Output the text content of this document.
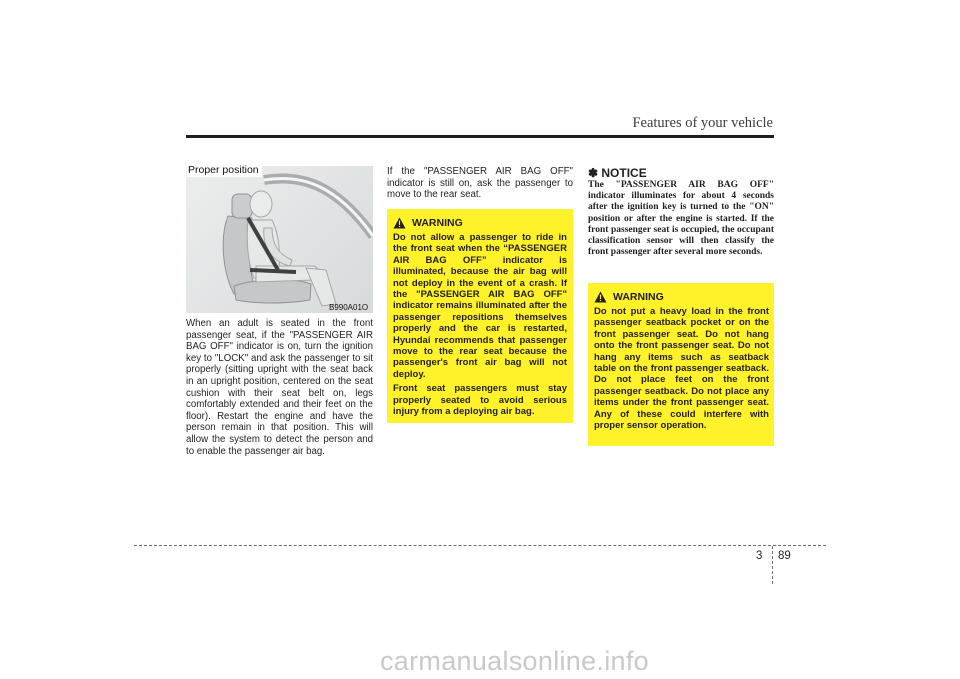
Features of your vehicle
Proper position
B990A01O
When an adult is seated in the front passenger seat, if the "PASSENGER AIR BAG OFF" indicator is on, turn the ignition key to "LOCK" and ask the passenger to sit properly (sitting upright with the seat back in an upright position, centered on the seat cushion with their seat belt on, legs comfortably extended and their feet on the floor). Restart the engine and have the person remain in that position. This will allow the system to detect the person and to enable the passenger air bag.
If the "PASSENGER AIR BAG OFF" indicator is still on, ask the passenger to move to the rear seat.
WARNING

Do not allow a passenger to ride in the front seat when the “PASSENGER AIR BAG OFF” indicator is illuminated, because the air bag will not deploy in the event of a crash. If the "PASSENGER AIR BAG OFF" indicator remains illuminated after the passenger repositions themselves properly and the car is restarted, Hyundai recommends that passenger move to the rear seat because the passenger's front air bag will not deploy.

Front seat passengers must stay properly seated to avoid serious injury from a deploying air bag.

✽ NOTICE
The "PASSENGER AIR BAG OFF" indicator illuminates for about 4 seconds after the ignition key is turned to the "ON" position or after the engine is started. If the front passenger seat is occupied, the occupant classification sensor will then classify the front passenger after several more seconds.
WARNING

Do not put a heavy load in the front passenger seatback pocket or on the front passenger seat. Do not hang onto the front passenger seat. Do not hang any items such as seatback table on the front passenger seatback. Do not place feet on the front passenger seatback. Do not place any items under the front passenger seat. Any of these could interfere with proper sensor operation.

3 89
carmanualsonline.info
